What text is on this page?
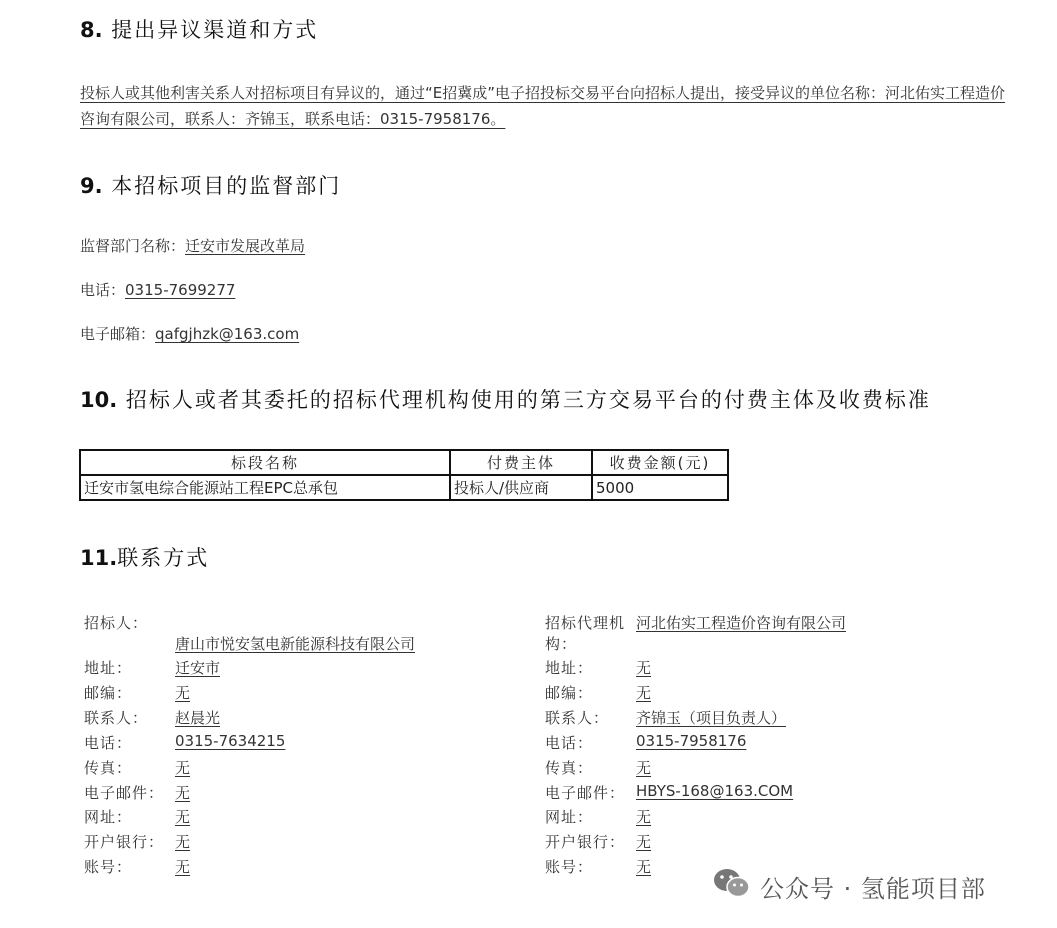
8. 提出异议渠道和方式
投标人或其他利害关系人对招标项目有异议的，通过“E招冀成”电子招投标交易平台向招标人提出，接受异议的单位名称：河北佑实工程造价咨询有限公司，联系人：齐锦玉，联系电话：0315-7958176。
9. 本招标项目的监督部门
监督部门名称：迁安市发展改革局
电话：0315-7699277
电子邮箱：qafgjhzk@163.com
10. 招标人或者其委托的招标代理机构使用的第三方交易平台的付费主体及收费标准
标段名称	付费主体	收费金额(元)
迁安市氢电综合能源站工程EPC总承包	投标人/供应商	5000
11.联系方式
招标人：
唐山市悦安氢电新能源科技有限公司
地址：	迁安市
邮编：	无
联系人： 赵晨光
电话：	0315-7634215
传真：	无
电子邮件： 无
网址：	无
开户银行： 无
账号：	无
招标代理机
构：
河北佑实工程造价咨询有限公司
地址：	无
邮编：	无
联系人： 齐锦玉（项目负责人）
电话：	0315-7958176
传真：	无
电子邮件： HBYS-168@163.COM
网址：	无
开户银行： 无
账号：	无
公众号 · 氢能项目部
